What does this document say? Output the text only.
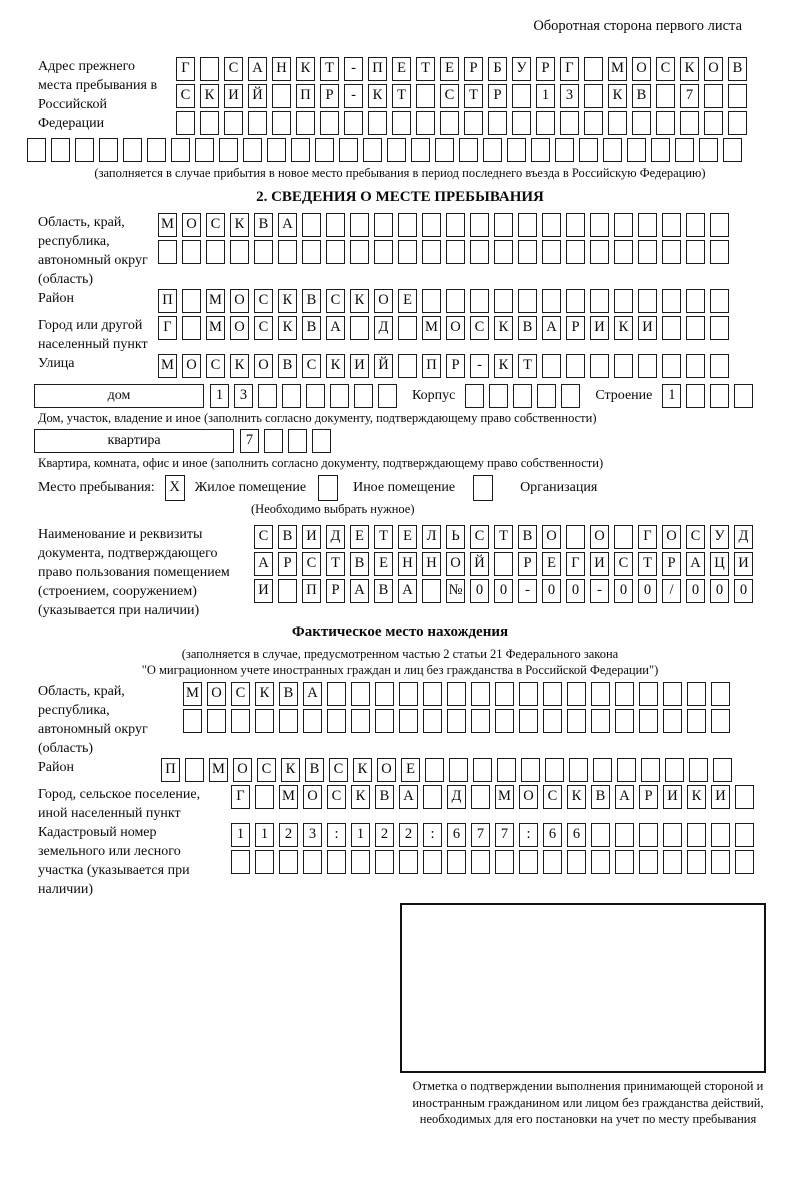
Оборотная сторона первого листа
Адрес прежнего места пребывания в Российской Федерации
Г	С А Н К Т - П Е Т Е Р Б У Р Г	М О С К О В
С К И Й	П Р - К Т	С Т Р	1 3	К В	7
(заполняется в случае прибытия в новое место пребывания в период последнего въезда в Российскую Федерацию)
2. СВЕДЕНИЯ О МЕСТЕ ПРЕБЫВАНИЯ
Область, край, республика, автономный округ (область)
М О С К В А
Район	П	М О С К В С К О Е
Город или другой населенный пункт
Г	М О С К В А	Д	М О С К В А Р И К И
Улица	М О С К О В С К И Й	П Р - К Т
дом	1 3	Корпус	Строение 1
Дом, участок, владение и иное (заполнить согласно документу, подтверждающему право собственности)
квартира	7
Квартира, комната, офис и иное (заполнить согласно документу, подтверждающему право собственности)
Место пребывания: X Жилое помещение	Иное помещение	Организация
(Необходимо выбрать нужное)
Наименование и реквизиты документа, подтверждающего право пользования помещением (строением, сооружением) (указывается при наличии)
С В И Д Е Т Е Л Ь С Т В О	О	Г О С У Д
А Р С Т В Е Н Н О Й	Р Е Г И С Т Р А Ц И
И	П Р А В А № 0 0 - 0 0 - 0 0 / 0 0 0
Фактическое место нахождения
(заполняется в случае, предусмотренном частью 2 статьи 21 Федерального закона
"О миграционном учете иностранных граждан и лиц без гражданства в Российской Федерации")
Область, край, республика, автономный округ (область)
М О С К В А
Район	П	М О С К В С К О Е
Город, сельское поселение, иной населенный пункт
Г	М О С К В А	Д	М О С К В А Р И К И
Кадастровый номер земельного или лесного участка (указывается при наличии)
1 1 2 3 : 1 2 2 : 6 7 7 : 6 6
Отметка о подтверждении выполнения принимающей стороной и иностранным гражданином или лицом без гражданства действий, необходимых для его постановки на учет по месту пребывания
